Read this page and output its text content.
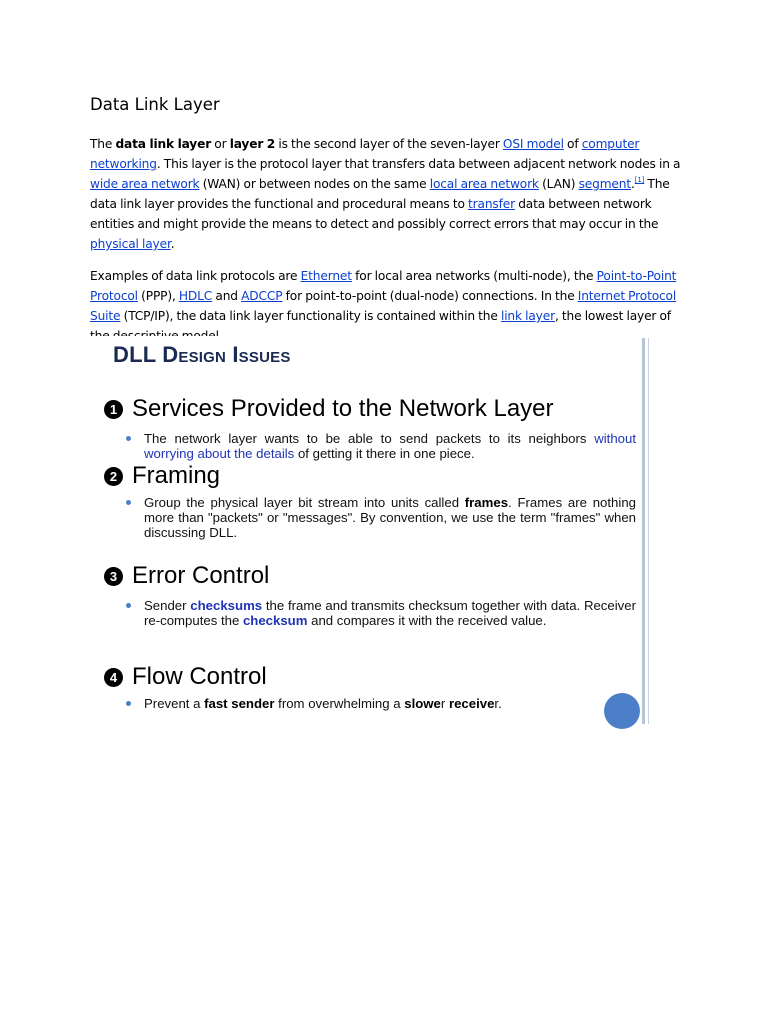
Data Link Layer

The data link layer or layer 2 is the second layer of the seven-layer OSI model of computer networking. This layer is the protocol layer that transfers data between adjacent network nodes in a wide area network (WAN) or between nodes on the same local area network (LAN) segment.[1] The data link layer provides the functional and procedural means to transfer data between network entities and might provide the means to detect and possibly correct errors that may occur in the physical layer.

Examples of data link protocols are Ethernet for local area networks (multi-node), the Point-to-Point Protocol (PPP), HDLC and ADCCP for point-to-point (dual-node) connections. In the Internet Protocol Suite (TCP/IP), the data link layer functionality is contained within the link layer, the lowest layer of

DLL Design Issues
1 Services Provided to the Network Layer
The network layer wants to be able to send packets to its neighbors without worrying about the details of getting it there in one piece.
2 Framing
Group the physical layer bit stream into units called frames. Frames are nothing more than "packets" or "messages". By convention, we use the term "frames" when discussing DLL.
3 Error Control
Sender checksums the frame and transmits checksum together with data. Receiver re-computes the checksum and compares it with the received value.
4 Flow Control
Prevent a fast sender from overwhelming a slower receiver.
